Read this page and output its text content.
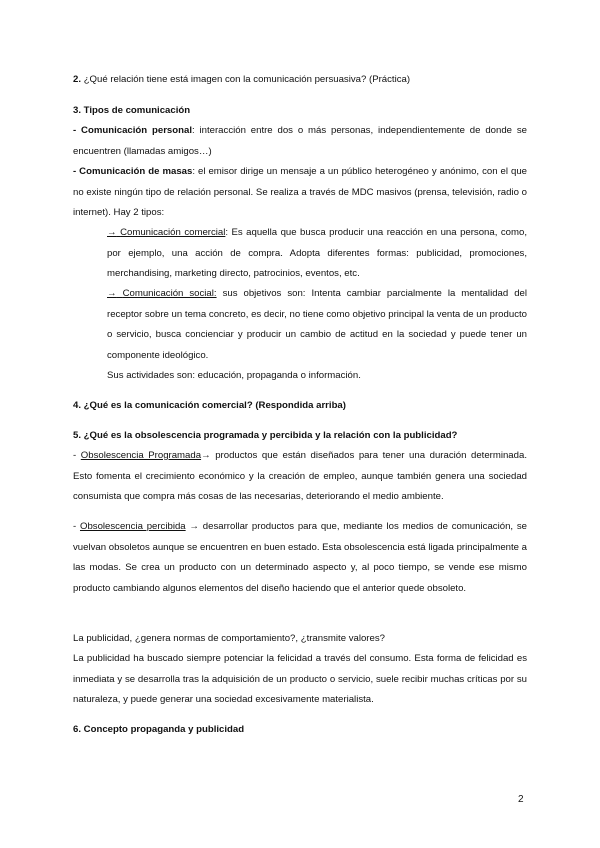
2. ¿Qué relación tiene está imagen con la comunicación persuasiva? (Práctica)
3. Tipos de comunicación
- Comunicación personal: interacción entre dos o más personas, independientemente de donde se encuentren (llamadas amigos…)
- Comunicación de masas: el emisor dirige un mensaje a un público heterogéneo y anónimo, con el que no existe ningún tipo de relación personal. Se realiza a través de MDC masivos (prensa, televisión, radio o internet). Hay 2 tipos:
→ Comunicación comercial: Es aquella que busca producir una reacción en una persona, como, por ejemplo, una acción de compra. Adopta diferentes formas: publicidad, promociones, merchandising, marketing directo, patrocinios, eventos, etc.
→ Comunicación social: sus objetivos son: Intenta cambiar parcialmente la mentalidad del receptor sobre un tema concreto, es decir, no tiene como objetivo principal la venta de un producto o servicio, busca concienciar y producir un cambio de actitud en la sociedad y puede tener un componente ideológico.
Sus actividades son: educación, propaganda o información.
4. ¿Qué es la comunicación comercial? (Respondida arriba)
5. ¿Qué es la obsolescencia programada y percibida y la relación con la publicidad?
- Obsolescencia Programada→ productos que están diseñados para tener una duración determinada. Esto fomenta el crecimiento económico y la creación de empleo, aunque también genera una sociedad consumista que compra más cosas de las necesarias, deteriorando el medio ambiente.
- Obsolescencia percibida → desarrollar productos para que, mediante los medios de comunicación, se vuelvan obsoletos aunque se encuentren en buen estado. Esta obsolescencia está ligada principalmente a las modas. Se crea un producto con un determinado aspecto y, al poco tiempo, se vende ese mismo producto cambiando algunos elementos del diseño haciendo que el anterior quede obsoleto.
La publicidad, ¿genera normas de comportamiento?, ¿transmite valores?
La publicidad ha buscado siempre potenciar la felicidad a través del consumo. Esta forma de felicidad es inmediata y se desarrolla tras la adquisición de un producto o servicio, suele recibir muchas críticas por su naturaleza, y puede generar una sociedad excesivamente materialista.
6. Concepto propaganda y publicidad
2
